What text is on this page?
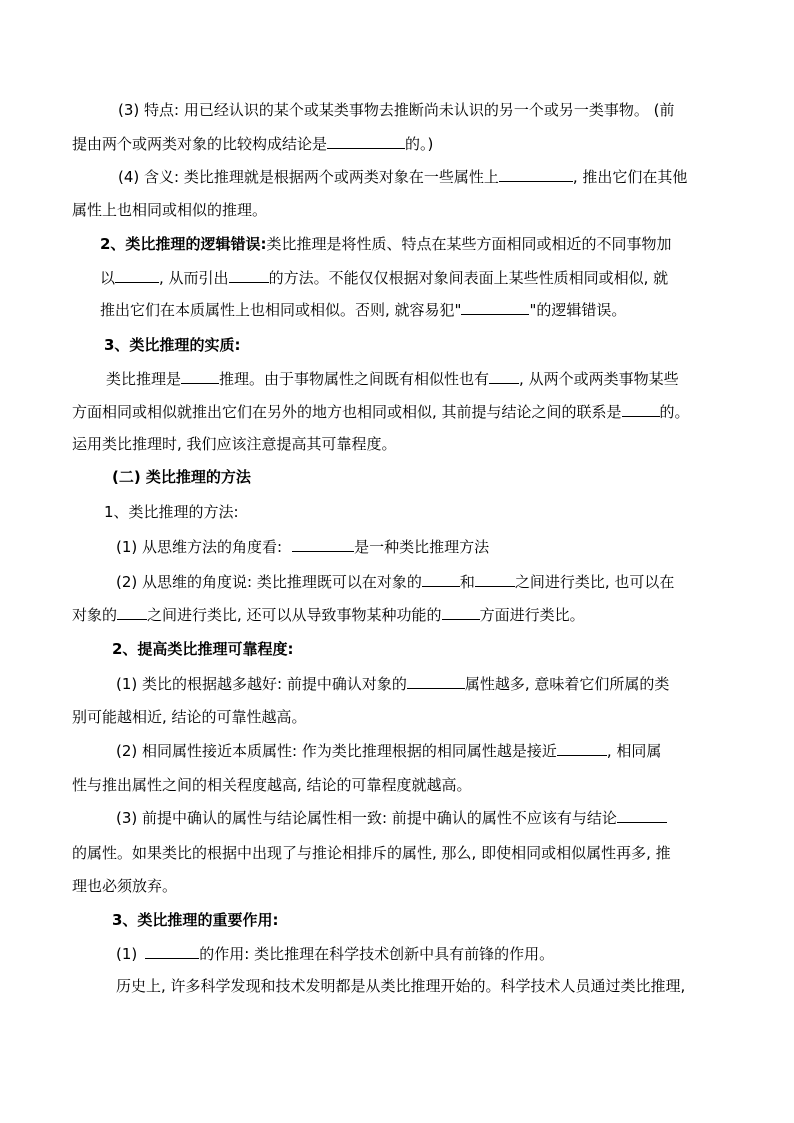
(3) 特点: 用已经认识的某个或某类事物去推断尚未认识的另一个或另一类事物。 (前
提由两个或两类对象的比较构成结论是	的。)
(4) 含义: 类比推理就是根据两个或两类对象在一些属性上	, 推出它们在其他
属性上也相同或相似的推理。
2、类比推理的逻辑错误:类比推理是将性质、特点在某些方面相同或相近的不同事物加
以	, 从而引出	的方法。不能仅仅根据对象间表面上某些性质相同或相似, 就
推出它们在本质属性上也相同或相似。否则, 就容易犯"	"的逻辑错误。
3、类比推理的实质:
类比推理是	推理。由于事物属性之间既有相似性也有 , 从两个或两类事物某些
方面相同或相似就推出它们在另外的地方也相同或相似, 其前提与结论之间的联系是	的。
运用类比推理时, 我们应该注意提高其可靠程度。
(二) 类比推理的方法
1、类比推理的方法:
(1) 从思维方法的角度看:	是一种类比推理方法
(2) 从思维的角度说: 类比推理既可以在对象的	和	之间进行类比, 也可以在
对象的 之间进行类比, 还可以从导致事物某种功能的	方面进行类比。
2、提高类比推理可靠程度:
(1) 类比的根据越多越好: 前提中确认对象的	属性越多, 意味着它们所属的类
别可能越相近, 结论的可靠性越高。
(2) 相同属性接近本质属性: 作为类比推理根据的相同属性越是接近	, 相同属
性与推出属性之间的相关程度越高, 结论的可靠程度就越高。
(3) 前提中确认的属性与结论属性相一致: 前提中确认的属性不应该有与结论
的属性。如果类比的根据中出现了与推论相排斥的属性, 那么, 即使相同或相似属性再多, 推
理也必须放弃。
3、类比推理的重要作用:
(1)	的作用: 类比推理在科学技术创新中具有前锋的作用。
历史上, 许多科学发现和技术发明都是从类比推理开始的。科学技术人员通过类比推理,
